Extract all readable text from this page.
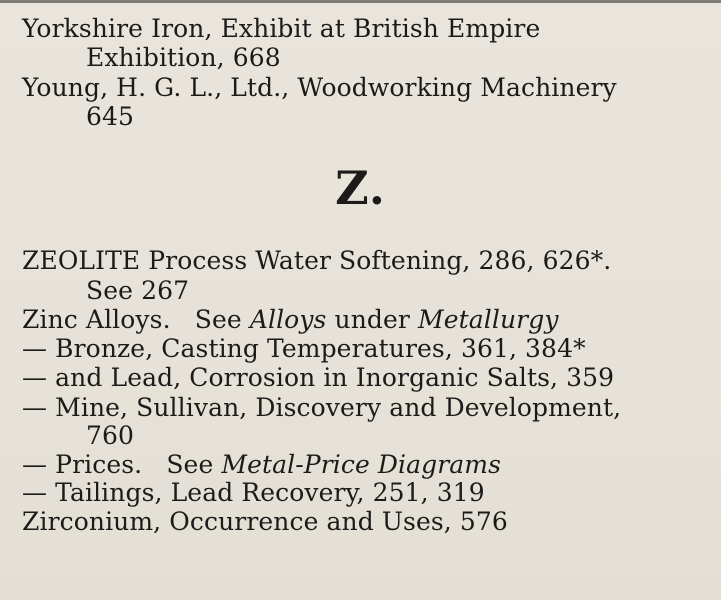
Yorkshire Iron, Exhibit at British Empire
Exhibition, 668
Young, H. G. L., Ltd., Woodworking Machinery
645
Z.
ZEOLITE Process Water Softening, 286, 626*.
See 267
Zinc Alloys.   See Alloys under Metallurgy
— Bronze, Casting Temperatures, 361, 384*
— and Lead, Corrosion in Inorganic Salts, 359
— Mine, Sullivan, Discovery and Development,
760
— Prices.   See Metal-Price Diagrams
— Tailings, Lead Recovery, 251, 319
Zirconium, Occurrence and Uses, 576
